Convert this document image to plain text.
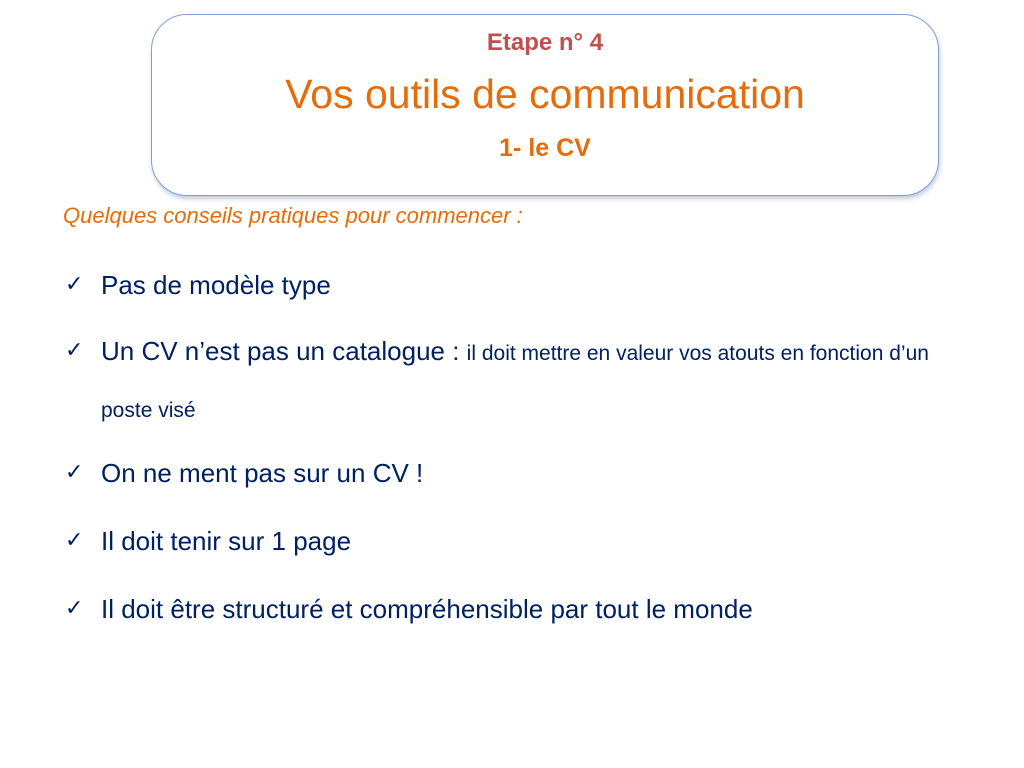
Etape n° 4
Vos outils de communication
1- le CV
Quelques conseils pratiques pour commencer :
✓ Pas de modèle type
✓ Un CV n’est pas un catalogue : il doit mettre en valeur vos atouts en fonction d’un poste visé
✓ On ne ment pas sur un CV !
✓ Il doit tenir sur 1 page
✓ Il doit être structuré et compréhensible par tout le monde
